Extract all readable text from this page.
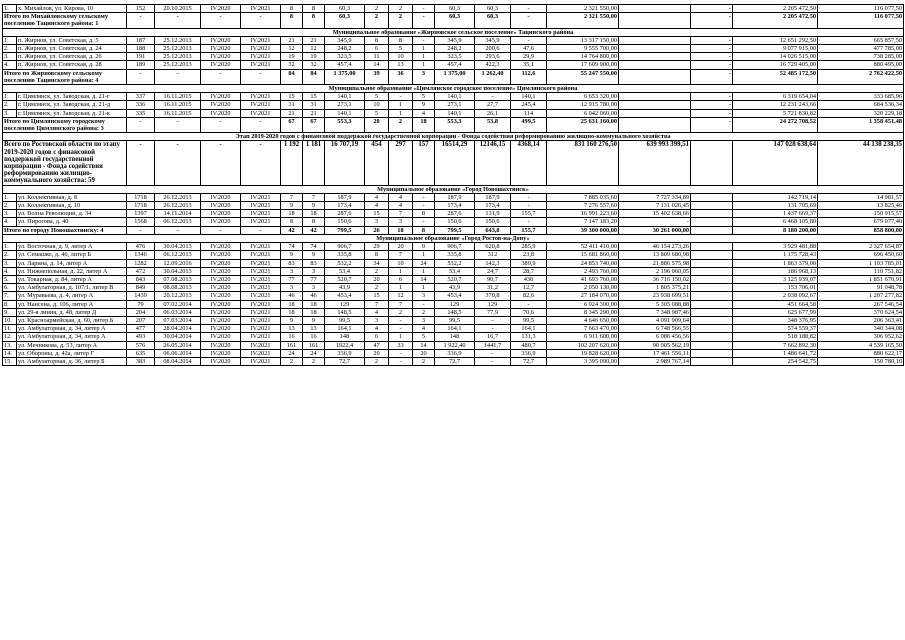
1.	х. Михайлов, ул. Кирова, 10	152	20.10.2015	IV.2020	IV.2021	8	8	60,3	2	2	-	60,3	60,3	-	2 321 550,00		-	2 205 472,50	116 077,50
Итого по Михайловскому сельскому поселению Тацинского района: 1		-	-	-	-	8	8	60,3	2	2	-	60,3	60,3	-	2 321 550,00		-	2 205 472,50	116 077,50
Муниципальное образование «Жирновское сельское поселение» Тацинского района																			
1.	п. Жирнов, ул. Советская, д. 5	187	25.12.2013	IV.2020	IV.2021	21	21	345,9	8	8	-	345,9	345,9	-	13 317 150,00		-	12 651 292,50	665 857,50
2.	п. Жирнов, ул. Советская, д. 24	188	25.12.2013	IV.2020	IV.2021	12	12	248,2	6	5	1	248,2	200,6	47,6	9 555 700,00		-	9 077 915,00	477 785,00
3.	п. Жирнов, ул. Советская, д. 26	191	25.12.2013	IV.2020	IV.2021	19	19	323,5	11	10	1	323,5	293,6	29,9	14 764 800,00		-	14 026 515,00	738 285,00
4.	п. Жирнов, ул. Советская, д. 28	189	25.12.2013	IV.2020	IV.2021	32	32	457,4	14	13	1	457,4	422,3	35,1	17 609 900,00		-	16 729 405,00	880 495,00
Итого по Жирновскому сельскому поселению Тацинского района: 4		-	-	-	-	84	84	1 375,00	39	36	3	1 375,00	1 262,40	112,6	55 247 550,00		-	52 485 172,50	2 762 422,50
Муниципальное образование «Цимлянское городское поселение» Цимлянского района																			
1.	г. Цимлянск, ул. Заводская, д. 21-г	337	16.11.2015	IV.2020	IV.2021	15	15	140,1	5	-	5	140,1	-	140,1	6 653 320,00		-	6 319 654,04	333 685,96
2.	г. Цимлянск, ул. Заводская, д. 21-д	336	16.11.2015	IV.2020	IV.2021	31	31	273,1	10	1	9	273,1	27,7	245,4	12 915 780,00		-	12 231 243,66	684 536,34
3.	г. Цимлянск, ул. Заводская, д. 21-к	335	16.11.2015	IV.2020	IV.2021	21	21	140,1	5	1	4	140,1	26,1	114	6 042 060,00		-	5 721 830,82	320 229,18
Итого по Цимлянскому городскому поселению Цимлянского района: 3		-	-	-	-	67	67	553,3	20	2	18	553,3	53,8	499,5	25 631 160,00		-	24 272 708,52	1 358 451,48
Этап 2019-2020 годов с финансовой поддержкой государственной корпорации - Фонда содействия реформированию жилищно-коммунального хозяйства																			
Всего по Ростовской области по этапу 2019-2020 годов с финансовой поддержкой государственной корпорации - Фонда содействия реформированию жилищно-коммунального хозяйства: 59		-	-	-	-	1 192	1 181	16 707,19	454	297	157	16514,29	12146,15	4368,14	831 160 276,50	639 993 399,51		147 028 638,64	44 138 238,35
Муниципальное образование «Город Новошахтинск»																			
1.	ул. Коллективная, д. 8	1718	26.12.2013	IV.2020	IV.2021	7	7	187,9	4	4	-	187,9	187,9	-	7 885 035,60	7 727 334,89		142 719,14	14 981,57
2.	ул. Коллективная, д. 10	1718	26.12.2013	IV.2020	IV.2021	9	9	173,4	4	4	-	173,4	173,4	-	7 276 557,60	7 131 026,45		131 705,69	13 825,46
3.	ул. Волна Революции, д. 34	1397	14.11.2014	IV.2020	IV.2021	18	18	287,6	15	7	8	287,6	131,9	155,7	16 991 223,60	15 402 638,66		1 437 669,37	150 915,57
4.	ул. Пирогова, д. 40	1568	06.12.2013	IV.2020	IV.2021	8	8	150,6	3	3	-	150,6	150,6	-	7 147 183,20	-		6 468 105,80	679 077,40
Итого по городу Новошахтинску: 4		-	-	-	-	42	42	799,5	26	18	8	799,5	643,8	155,7	39 300 000,00	30 261 000,00		8 180 200,00	858 800,00
Муниципальное образование «Город Ростов-на-Дону»																			
1.	ул. Восточная, д. 9, литер А	476	30.04.2013	IV.2020	IV.2021	74	74	906,7	29	20	9	906,7	620,8	285,9	52 411 410,00	46 154 273,26		3 929 481,88	2 327 654,87
2.	ул. Семашко, д. 46, литер Б	1346	06.12.2013	IV.2020	IV.2021	9	9	335,8	8	7	1	335,8	312	23,8	15 681 860,00	13 809 680,98		1 175 728,43	696 450,60
3.	ул. Ларина, д. 14, литер А	1282	12.09.2016	IV.2020	IV.2021	83	83	532,2	34	10	24	532,2	142,3	389,9	24 853 740,00	21 886 575,98		1 863 379,00	1 103 785,01
4.	ул. Нижнепольная, д. 22, литер А	472	30.04.2013	IV.2020	IV.2021	3	3	53,4	2	1	1	53,4	24,7	28,7	2 493 760,00	2 196 060,05		186 968,13	110 751,82
5.	ул. Токарная, д. 84, литер А	843	07.08.2013	IV.2020	IV.2021	77	77	520,7	20	6	14	520,7	90,7	430	41 693 760,00	36 716 150,02		3 125 939,07	1 851 670,91
6.	ул. Амбулаторная, д. 107/1, литер В	849	08.08.2013	IV.2020	IV.2021	3	3	43,9	2	1	1	43,9	31,2	12,7	2 050 130,00	1 805 375,21		153 706,01	91 048,78
7.	ул. Муравьева, д. 4, литер А	1439	20.12.2013	IV.2020	IV.2021	46	46	453,4	15	12	3	453,4	370,8	82,6	27 184 070,00	23 938 699,51		2 038 092,67	1 207 277,82
8.	ул. Нансена, д. 106, литер А	79	07.02.2014	IV.2020	IV.2021	18	18	129	7	7	-	129	129	-	6 024 300,00	5 305 088,88		451 664,58	267 546,54
9.	ул. 29-я линия, д. 48, литер Д	204	06.03.2014	IV.2020	IV.2021	18	18	148,5	4	2	2	148,5	77,9	70,6	8 345 290,00	7 348 987,46		625 677,99	370 624,54
10.	ул. Красноармейская, д. 60, литер Б	207	07.03.2014	IV.2020	IV.2021	9	9	99,5	3	-	3	99,5	-	99,5	4 646 650,00	4 091 909,64		348 376,95	206 363,41
11.	ул. Амбулаторная, д. 34, литер А	477	28.04.2014	IV.2020	IV.2021	13	13	164,1	4	-	4	164,1	-	164,1	7 663 470,00	6 748 566,55		574 559,37	340 344,08
12.	ул. Амбулаторная, д. 34, литер А	493	30.04.2014	IV.2020	IV.2021	16	16	148	6	1	5	148	16,7	131,3	6 911 600,00	6 086 456,56		518 188,82	306 952,62
13.	ул. Мечникова, д. 53, литер А	576	26.05.2014	IV.2020	IV.2021	161	161	1922,4	47	33	14	1 922,40	1441,7	480,7	102 207 620,00	90 005 562,19		7 662 892,30	4 539 165,50
14.	ул. Обороны, д. 42а, литер Г	635	06.06.2014	IV.2020	IV.2021	24	24	336,9	20	-	20	336,9	-	336,9	19 828 620,00	17 461 556,11		1 486 641,72	880 622,17
15.	ул. Амбулаторная, д. 36, литер Б	383	08.04.2014	IV.2020	IV.2021	2	2	72,7	2	-	2	72,7	-	72,7	3 395 090,00	2 989 767,14		254 542,75	150 780,10
